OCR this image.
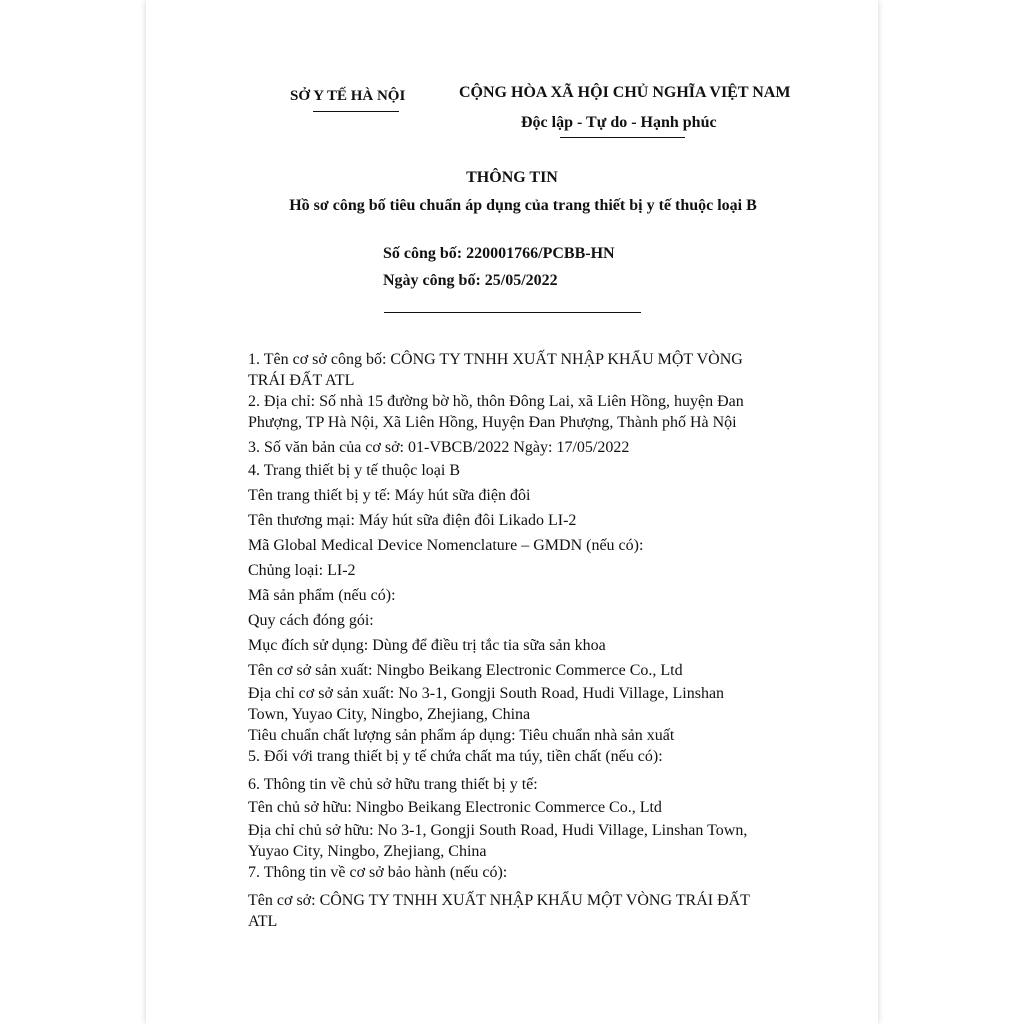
SỞ Y TẾ HÀ NỘI	CỘNG HÒA XÃ HỘI CHỦ NGHĨA VIỆT NAM
Độc lập - Tự do - Hạnh phúc
THÔNG TIN
Hồ sơ công bố tiêu chuẩn áp dụng của trang thiết bị y tế thuộc loại B
Số công bố: 220001766/PCBB-HN
Ngày công bố: 25/05/2022
1. Tên cơ sở công bố: CÔNG TY TNHH XUẤT NHẬP KHẨU MỘT VÒNG
TRÁI ĐẤT ATL
2. Địa chỉ: Số nhà 15 đường bờ hồ, thôn Đông Lai, xã Liên Hồng, huyện Đan
Phượng, TP Hà Nội, Xã Liên Hồng, Huyện Đan Phượng, Thành phố Hà Nội
3. Số văn bản của cơ sở: 01-VBCB/2022 Ngày: 17/05/2022
4. Trang thiết bị y tế thuộc loại B
Tên trang thiết bị y tế: Máy hút sữa điện đôi
Tên thương mại: Máy hút sữa điện đôi Likado LI-2
Mã Global Medical Device Nomenclature – GMDN (nếu có):
Chủng loại: LI-2
Mã sản phẩm (nếu có):
Quy cách đóng gói:
Mục đích sử dụng: Dùng để điều trị tắc tia sữa sản khoa
Tên cơ sở sản xuất: Ningbo Beikang Electronic Commerce Co., Ltd
Địa chỉ cơ sở sản xuất: No 3-1, Gongji South Road, Hudi Village, Linshan
Town, Yuyao City, Ningbo, Zhejiang, China
Tiêu chuẩn chất lượng sản phẩm áp dụng: Tiêu chuẩn nhà sản xuất
5. Đối với trang thiết bị y tế chứa chất ma túy, tiền chất (nếu có):
6. Thông tin về chủ sở hữu trang thiết bị y tế:
Tên chủ sở hữu: Ningbo Beikang Electronic Commerce Co., Ltd
Địa chỉ chủ sở hữu: No 3-1, Gongji South Road, Hudi Village, Linshan Town,
Yuyao City, Ningbo, Zhejiang, China
7. Thông tin về cơ sở bảo hành (nếu có):
Tên cơ sở: CÔNG TY TNHH XUẤT NHẬP KHẨU MỘT VÒNG TRÁI ĐẤT
ATL
